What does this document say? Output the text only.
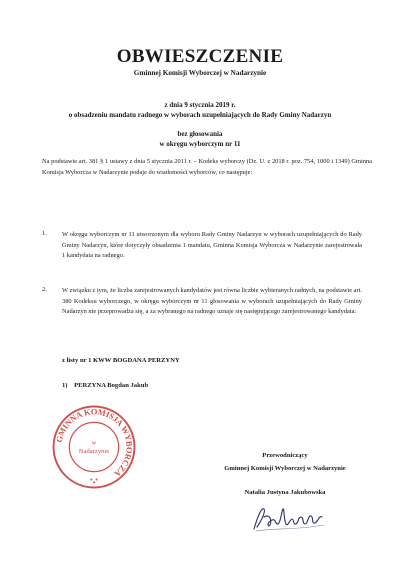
OBWIESZCZENIE
Gminnej Komisji Wyborczej w Nadarzynie
z dnia 9 stycznia 2019 r.
o obsadzeniu mandatu radnego w wyborach uzupełniających do Rady Gminy Nadarzyn
bez głosowania
w okręgu wyborczym nr 11
Na podstawie art. 381 § 1 ustawy z dnia 5 stycznia 2011 r. – Kodeks wyborczy (Dz. U. z 2018 r. poz. 754, 1000 i 1349) Gminna Komisja Wyborcza w Nadarzynie podaje do wiadomości wyborców, co następuje:
1. W okręgu wyborczym nr 11 utworzonym dla wyboru Rady Gminy Nadarzyn w wyborach uzupełniających do Rady Gminy Nadarzyn, które dotyczyły obsadzenia 1 mandatu, Gminna Komisja Wyborcza w Nadarzynie zarejestrowała 1 kandydata na radnego.
2. W związku z tym, że liczba zarejestrowanych kandydatów jest równa liczbie wybieranych radnych, na podstawie art. 380 Kodeksu wyborczego, w okręgu wyborczym nr 11 głosowania w wyborach uzupełniających do Rady Gminy Nadarzyn nie przeprowadza się, a za wybranego na radnego uznaje się następującego zarejestrowanego kandydata:
z listy nr 1 KWW BOGDANA PERZYNY
1)    PERZYNA Bogdan Jakub
GMINNA KOMISJA WYBORCZA
w
Nadarzynie
Przewodniczący
Gminnej Komisji Wyborczej w Nadarzynie
Natalia Justyna Jakubowska
